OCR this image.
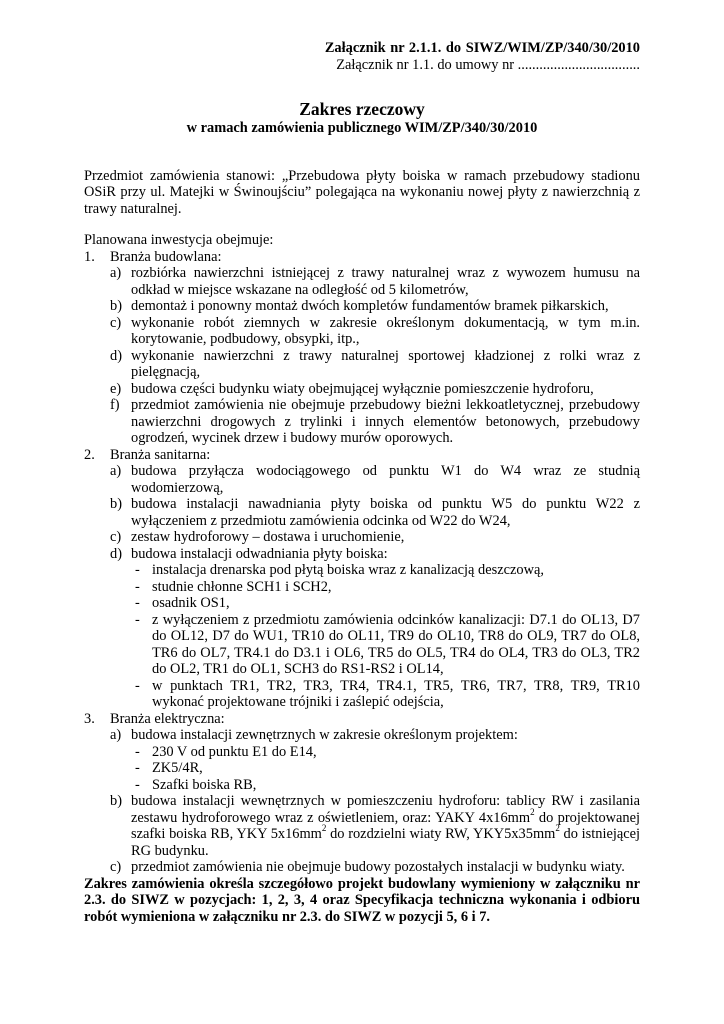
Załącznik nr 2.1.1. do SIWZ/WIM/ZP/340/30/2010
Załącznik nr 1.1. do umowy nr ..................................
Zakres rzeczowy
w ramach zamówienia publicznego WIM/ZP/340/30/2010
Przedmiot zamówienia stanowi: „Przebudowa płyty boiska w ramach przebudowy stadionu OSiR przy ul. Matejki w Świnoujściu” polegająca na wykonaniu nowej płyty z nawierzchnią z trawy naturalnej.
Planowana inwestycja obejmuje:
1. Branża budowlana:
a) rozbiórka nawierzchni istniejącej z trawy naturalnej wraz z wywozem humusu na odkład w miejsce wskazane na odległość od 5 kilometrów,
b) demontaż i ponowny montaż dwóch kompletów fundamentów bramek piłkarskich,
c) wykonanie robót ziemnych w zakresie określonym dokumentacją, w tym m.in. korytowanie, podbudowy, obsypki, itp.,
d) wykonanie nawierzchni z trawy naturalnej sportowej kładzionej z rolki wraz z pielęgnacją,
e) budowa części budynku wiaty obejmującej wyłącznie pomieszczenie hydroforu,
f) przedmiot zamówienia nie obejmuje przebudowy bieżni lekkoatletycznej, przebudowy nawierzchni drogowych z trylinki i innych elementów betonowych, przebudowy ogrodzeń, wycinek drzew i budowy murów oporowych.
2. Branża sanitarna:
a) budowa przyłącza wodociągowego od punktu W1 do W4 wraz ze studnią wodomierzową,
b) budowa instalacji nawadniania płyty boiska od punktu W5 do punktu W22 z wyłączeniem z przedmiotu zamówienia odcinka od W22 do W24,
c) zestaw hydroforowy – dostawa i uruchomienie,
d) budowa instalacji odwadniania płyty boiska:
- instalacja drenarska pod płytą boiska wraz z kanalizacją deszczową,
- studnie chłonne SCH1 i SCH2,
- osadnik OS1,
- z wyłączeniem z przedmiotu zamówienia odcinków kanalizacji: D7.1 do OL13, D7 do OL12, D7 do WU1, TR10 do OL11, TR9 do OL10, TR8 do OL9, TR7 do OL8, TR6 do OL7, TR4.1 do D3.1 i OL6, TR5 do OL5, TR4 do OL4, TR3 do OL3, TR2 do OL2, TR1 do OL1, SCH3 do RS1-RS2 i OL14,
- w punktach TR1, TR2, TR3, TR4, TR4.1, TR5, TR6, TR7, TR8, TR9, TR10 wykonać projektowane trójniki i zaślepić odejścia,
3. Branża elektryczna:
a) budowa instalacji zewnętrznych w zakresie określonym projektem:
- 230 V od punktu E1 do E14,
- ZK5/4R,
- Szafki boiska RB,
b) budowa instalacji wewnętrznych w pomieszczeniu hydroforu: tablicy RW i zasilania zestawu hydroforowego wraz z oświetleniem, oraz: YAKY $4x16mm^2$ do projektowanej szafki boiska RB, YKY $5x16mm^2$ do rozdzielni wiaty RW, $YKY5x35mm^2$ do istniejącej RG budynku.
c) przedmiot zamówienia nie obejmuje budowy pozostałych instalacji w budynku wiaty.
Zakres zamówienia określa szczegółowo projekt budowlany wymieniony w załączniku nr 2.3. do SIWZ w pozycjach: 1, 2, 3, 4 oraz Specyfikacja techniczna wykonania i odbioru robót wymieniona w załączniku nr 2.3. do SIWZ w pozycji 5, 6 i 7.
